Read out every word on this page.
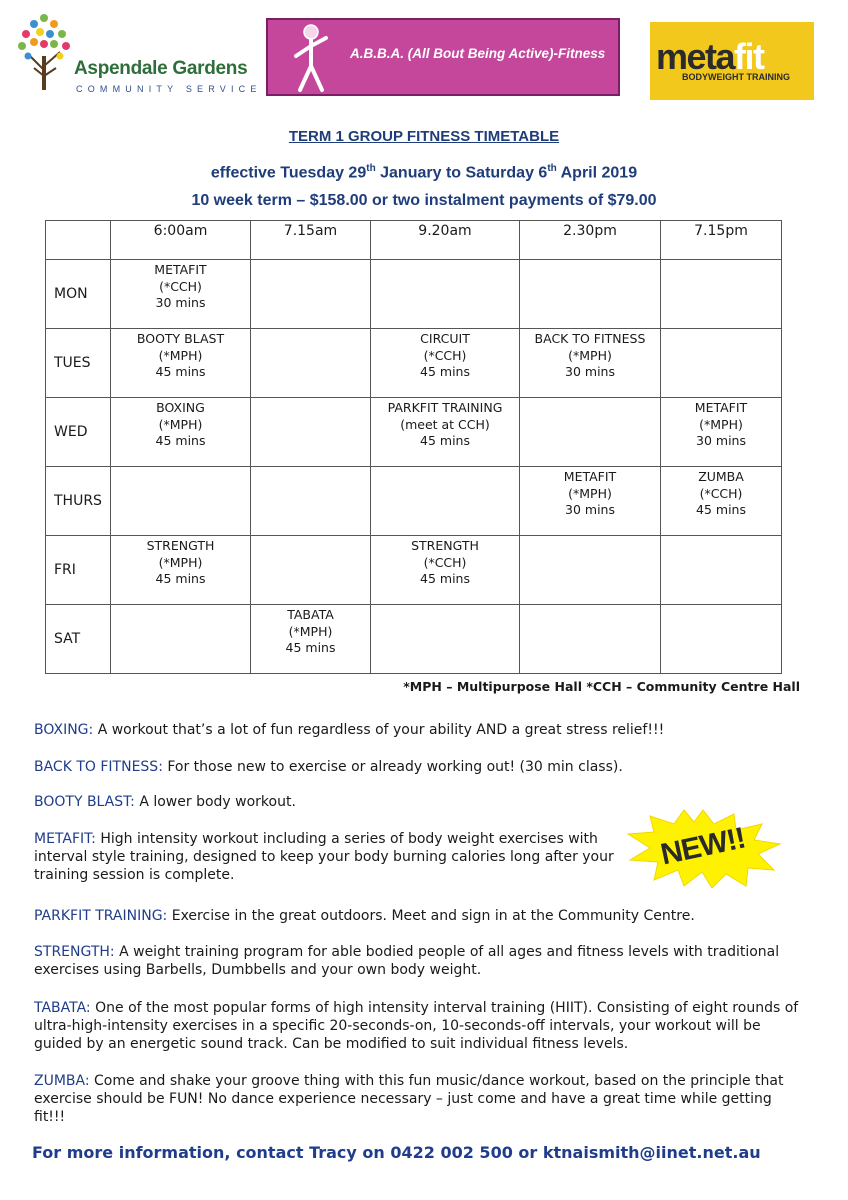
Aspendale Gardens
COMMUNITY SERVICE
A.B.B.A. (All Bout Being Active)-Fitness metafit
BODYWEIGHT TRAINING
TERM 1 GROUP FITNESS TIMETABLE
effective Tuesday 29th January to Saturday 6th April 2019
10 week term – $158.00 or two instalment payments of $79.00
	6:00am	7.15am	9.20am	2.30pm	7.15pm
MON	METAFIT
(*CCH)
30 mins				
TUES	BOOTY BLAST
(*MPH)
45 mins		CIRCUIT
(*CCH)
45 mins	BACK TO FITNESS
(*MPH)
30 mins	
WED	BOXING
(*MPH)
45 mins		PARKFIT TRAINING
(meet at CCH)
45 mins		METAFIT
(*MPH)
30 mins
THURS				METAFIT
(*MPH)
30 mins	ZUMBA
(*CCH)
45 mins
FRI	STRENGTH
(*MPH)
45 mins		STRENGTH
(*CCH)
45 mins		
SAT		TABATA
(*MPH)
45 mins			
*MPH – Multipurpose Hall *CCH – Community Centre Hall
BOXING: A workout that’s a lot of fun regardless of your ability AND a great stress relief!!!
BACK TO FITNESS: For those new to exercise or already working out! (30 min class).
BOOTY BLAST: A lower body workout.
METAFIT: High intensity workout including a series of body weight exercises with interval style training, designed to keep your body burning calories long after your training session is complete.
PARKFIT TRAINING: Exercise in the great outdoors. Meet and sign in at the Community Centre.
STRENGTH: A weight training program for able bodied people of all ages and fitness levels with traditional exercises using Barbells, Dumbbells and your own body weight.
TABATA: One of the most popular forms of high intensity interval training (HIIT). Consisting of eight rounds of ultra-high-intensity exercises in a specific 20-seconds-on, 10-seconds-off intervals, your workout will be guided by an energetic sound track. Can be modified to suit individual fitness levels.
ZUMBA: Come and shake your groove thing with this fun music/dance workout, based on the principle that exercise should be FUN! No dance experience necessary – just come and have a great time while getting fit!!!
NEW!!
For more information, contact Tracy on 0422 002 500 or ktnaismith@iinet.net.au
